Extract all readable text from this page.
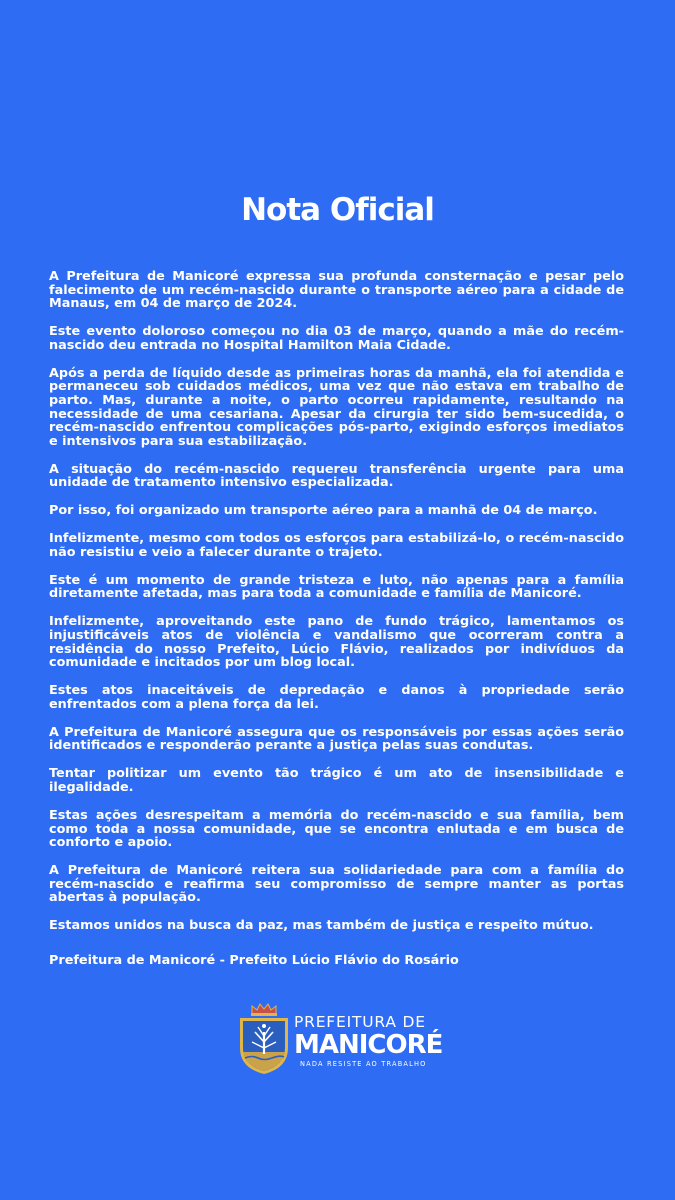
Nota Oficial

A Prefeitura de Manicoré expressa sua profunda consternação e pesar pelo falecimento de um recém-nascido durante o transporte aéreo para a cidade de Manaus, em 04 de março de 2024.

Este evento doloroso começou no dia 03 de março, quando a mãe do recém-nascido deu entrada no Hospital Hamilton Maia Cidade.

Após a perda de líquido desde as primeiras horas da manhã, ela foi atendida e permaneceu sob cuidados médicos, uma vez que não estava em trabalho de parto. Mas, durante a noite, o parto ocorreu rapidamente, resultando na necessidade de uma cesariana. Apesar da cirurgia ter sido bem-sucedida, o recém-nascido enfrentou complicações pós-parto, exigindo esforços imediatos e intensivos para sua estabilização.

A situação do recém-nascido requereu transferência urgente para uma unidade de tratamento intensivo especializada.

Por isso, foi organizado um transporte aéreo para a manhã de 04 de março.

Infelizmente, mesmo com todos os esforços para estabilizá-lo, o recém-nascido não resistiu e veio a falecer durante o trajeto.

Este é um momento de grande tristeza e luto, não apenas para a família diretamente afetada, mas para toda a comunidade e família de Manicoré.

Infelizmente, aproveitando este pano de fundo trágico, lamentamos os injustificáveis atos de violência e vandalismo que ocorreram contra a residência do nosso Prefeito, Lúcio Flávio, realizados por indivíduos da comunidade e incitados por um blog local.

Estes atos inaceitáveis de depredação e danos à propriedade serão enfrentados com a plena força da lei.

A Prefeitura de Manicoré assegura que os responsáveis por essas ações serão identificados e responderão perante a justiça pelas suas condutas.

Tentar politizar um evento tão trágico é um ato de insensibilidade e ilegalidade.

Estas ações desrespeitam a memória do recém-nascido e sua família, bem como toda a nossa comunidade, que se encontra enlutada e em busca de conforto e apoio.

A Prefeitura de Manicoré reitera sua solidariedade para com a família do recém-nascido e reafirma seu compromisso de sempre manter as portas abertas à população.

Estamos unidos na busca da paz, mas também de justiça e respeito mútuo.

Prefeitura de Manicoré - Prefeito Lúcio Flávio do Rosário

PREFEITURA DE
MANICORÉ
NADA RESISTE AO TRABALHO
